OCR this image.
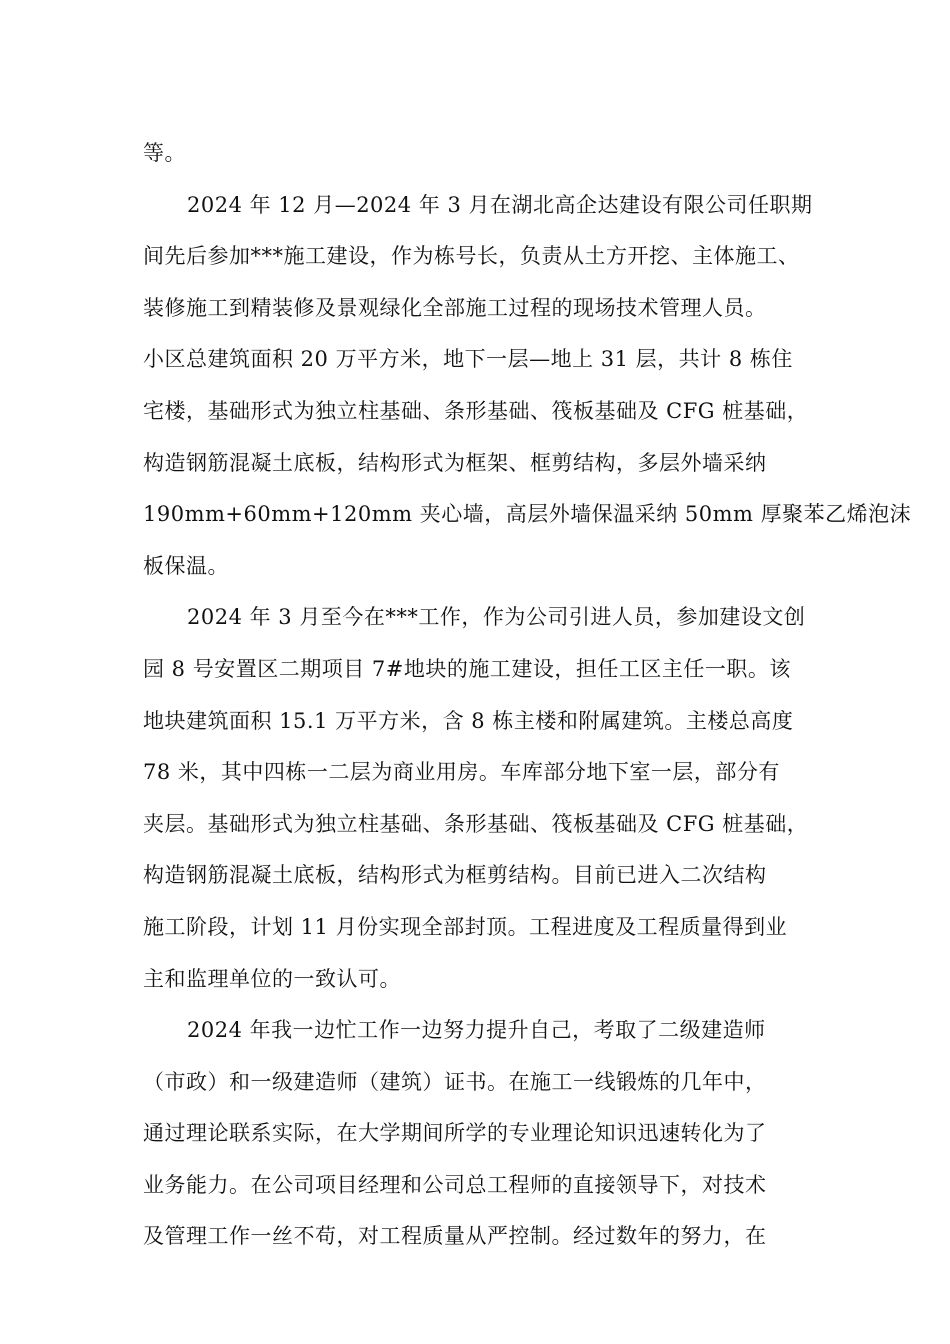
等。
2024 年 12 月—2024 年 3 月在湖北高企达建设有限公司任职期
间先后参加***施工建设，作为栋号长，负责从土方开挖、主体施工、
装修施工到精装修及景观绿化全部施工过程的现场技术管理人员。
小区总建筑面积 20 万平方米，地下一层—地上 31 层，共计 8 栋住
宅楼，基础形式为独立柱基础、条形基础、筏板基础及 CFG 桩基础，
构造钢筋混凝土底板，结构形式为框架、框剪结构，多层外墙采纳
190mm+60mm+120mm 夹心墙，高层外墙保温采纳 50mm 厚聚苯乙烯泡沫
板保温。
2024 年 3 月至今在***工作，作为公司引进人员，参加建设文创
园 8 号安置区二期项目 7#地块的施工建设，担任工区主任一职。该
地块建筑面积 15.1 万平方米，含 8 栋主楼和附属建筑。主楼总高度
78 米，其中四栋一二层为商业用房。车库部分地下室一层，部分有
夹层。基础形式为独立柱基础、条形基础、筏板基础及 CFG 桩基础，
构造钢筋混凝土底板，结构形式为框剪结构。目前已进入二次结构
施工阶段，计划 11 月份实现全部封顶。工程进度及工程质量得到业
主和监理单位的一致认可。
2024 年我一边忙工作一边努力提升自己，考取了二级建造师
（市政）和一级建造师（建筑）证书。在施工一线锻炼的几年中，
通过理论联系实际，在大学期间所学的专业理论知识迅速转化为了
业务能力。在公司项目经理和公司总工程师的直接领导下，对技术
及管理工作一丝不苟，对工程质量从严控制。经过数年的努力，在
